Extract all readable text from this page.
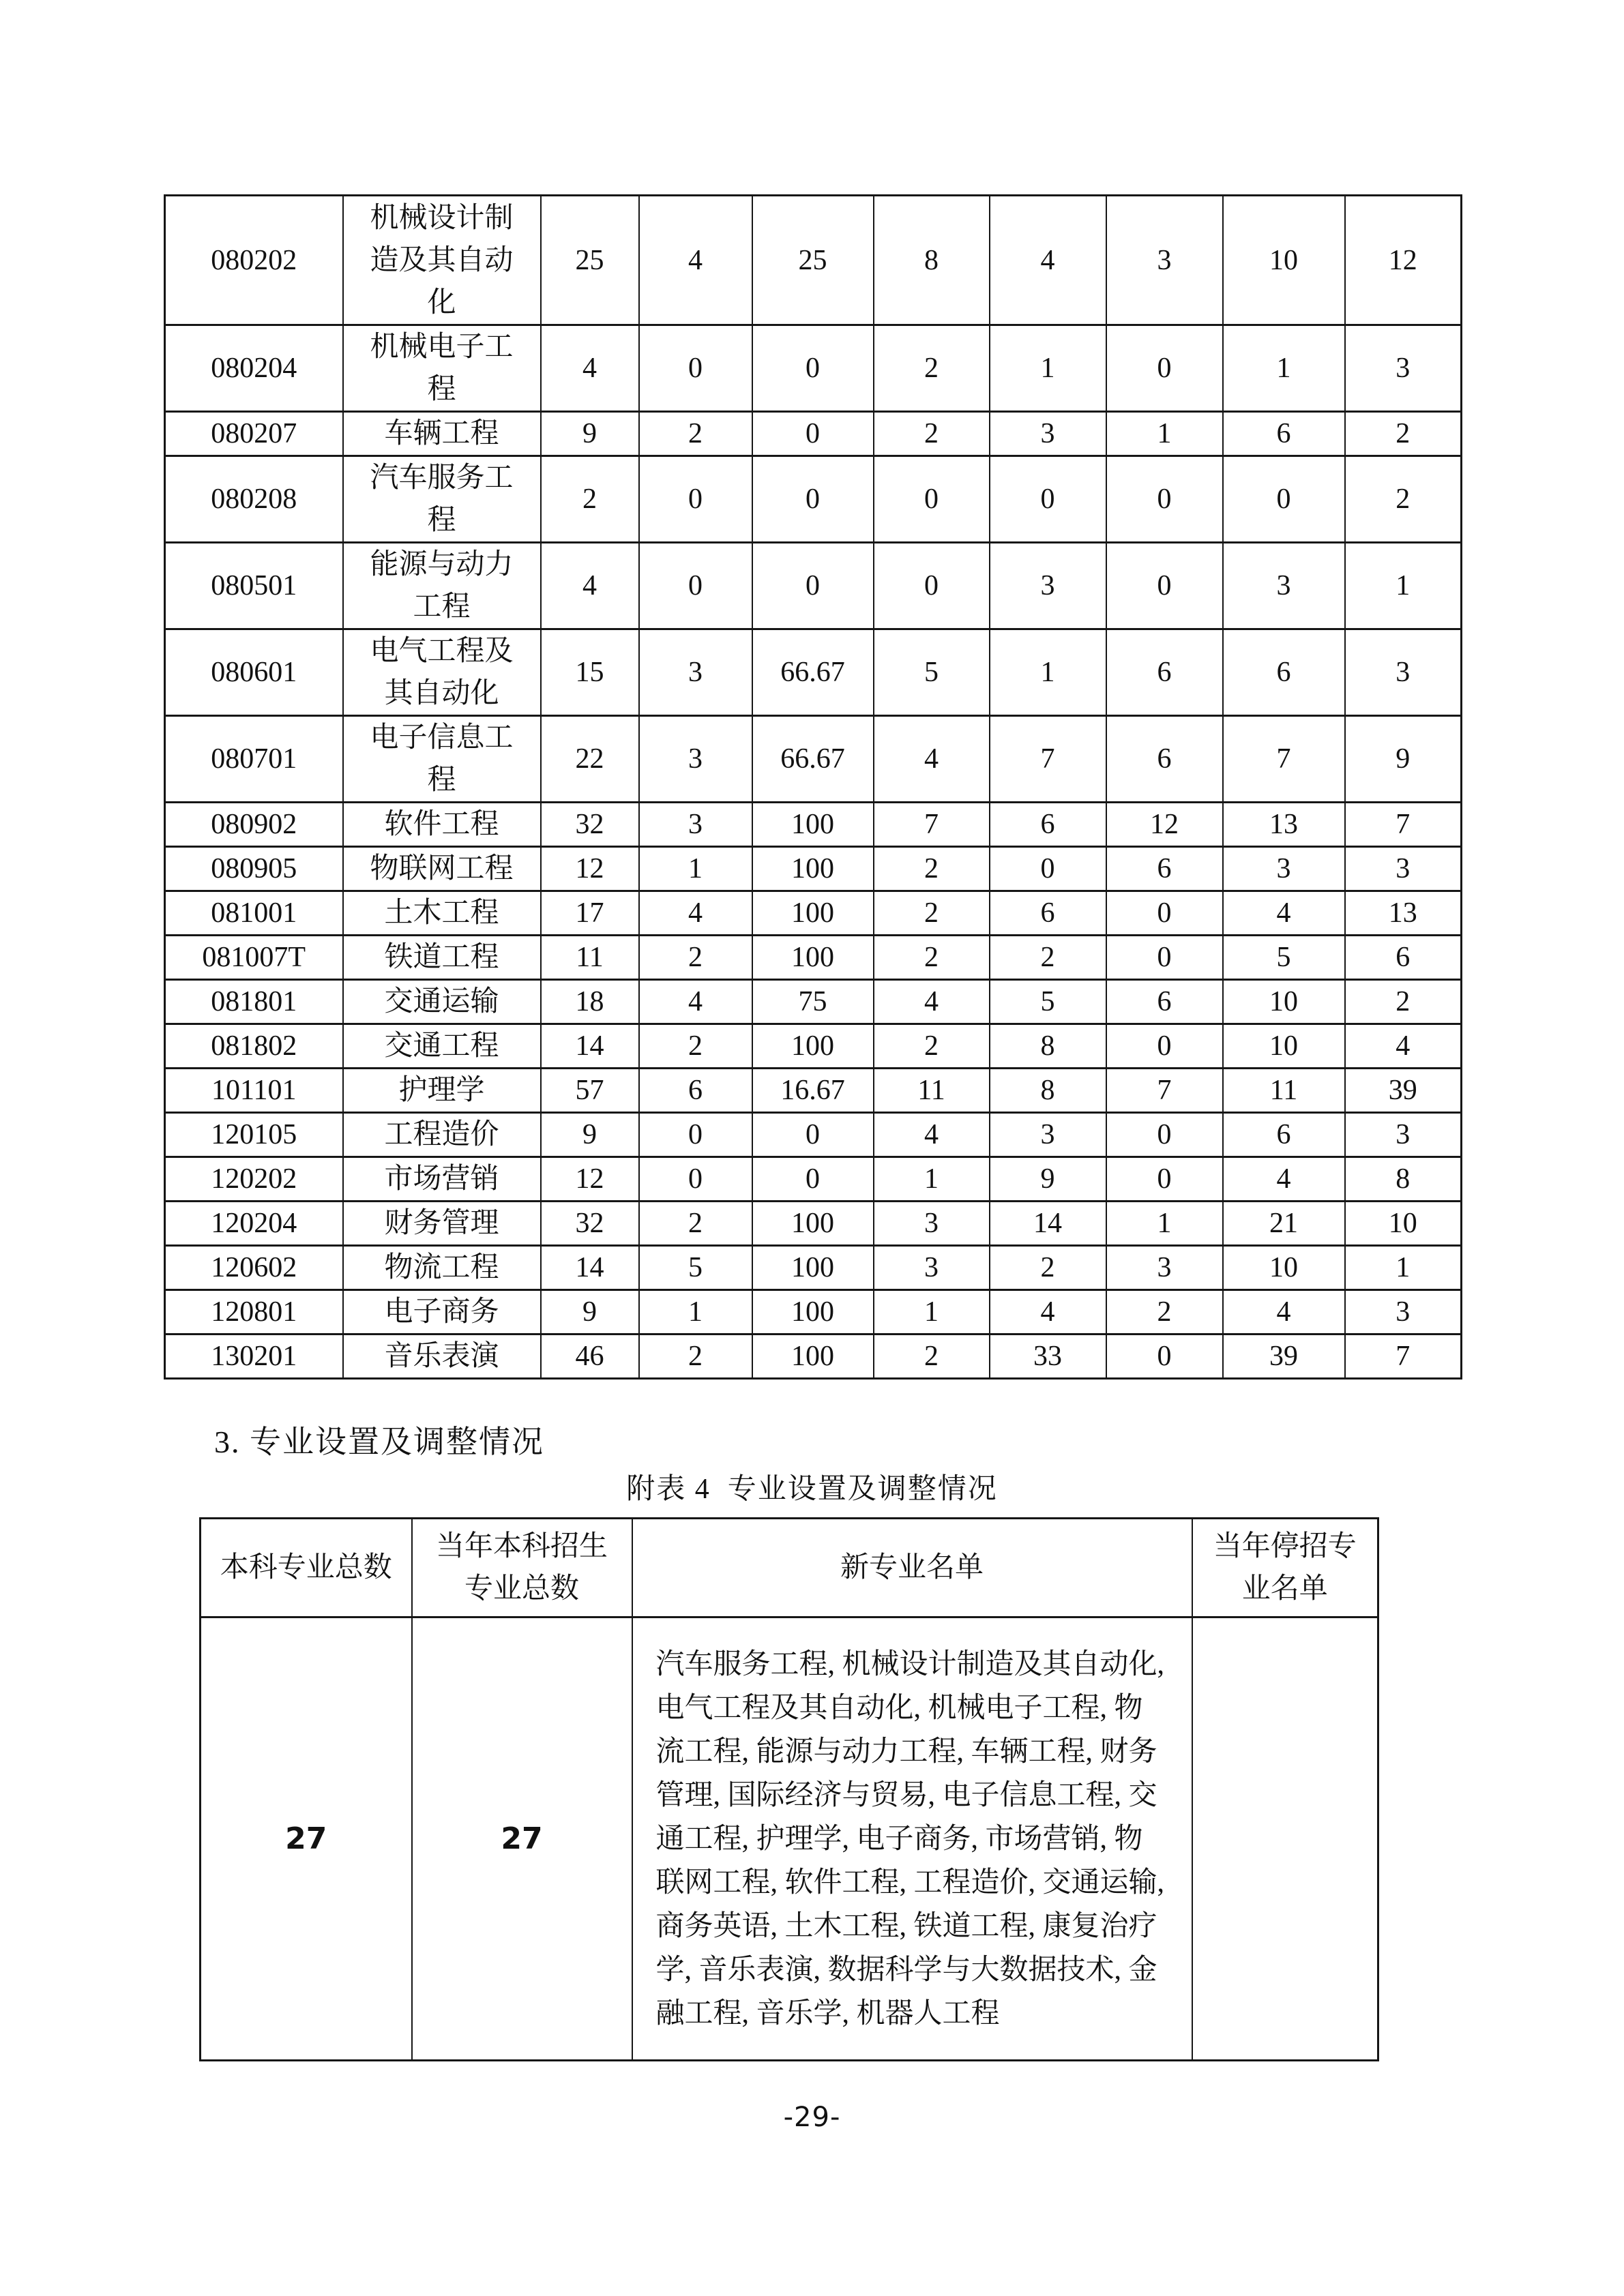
080202	机械设计制造及其自动化	25	4	25	8	4	3	10	12
080204	机械电子工程	4	0	0	2	1	0	1	3
080207	车辆工程	9	2	0	2	3	1	6	2
080208	汽车服务工程	2	0	0	0	0	0	0	2
080501	能源与动力工程	4	0	0	0	3	0	3	1
080601	电气工程及其自动化	15	3	66.67	5	1	6	6	3
080701	电子信息工程	22	3	66.67	4	7	6	7	9
080902	软件工程	32	3	100	7	6	12	13	7
080905	物联网工程	12	1	100	2	0	6	3	3
081001	土木工程	17	4	100	2	6	0	4	13
081007T	铁道工程	11	2	100	2	2	0	5	6
081801	交通运输	18	4	75	4	5	6	10	2
081802	交通工程	14	2	100	2	8	0	10	4
101101	护理学	57	6	16.67	11	8	7	11	39
120105	工程造价	9	0	0	4	3	0	6	3
120202	市场营销	12	0	0	1	9	0	4	8
120204	财务管理	32	2	100	3	14	1	21	10
120602	物流工程	14	5	100	3	2	3	10	1
120801	电子商务	9	1	100	1	4	2	4	3
130201	音乐表演	46	2	100	2	33	0	39	7
3. 专业设置及调整情况
附表 4  专业设置及调整情况
本科专业总数	当年本科招生专业总数	新专业名单	当年停招专业名单
27	27	汽车服务工程, 机械设计制造及其自动化, 电气工程及其自动化, 机械电子工程, 物流工程, 能源与动力工程, 车辆工程, 财务管理, 国际经济与贸易, 电子信息工程, 交通工程, 护理学, 电子商务, 市场营销, 物联网工程, 软件工程, 工程造价, 交通运输, 商务英语, 土木工程, 铁道工程, 康复治疗学, 音乐表演, 数据科学与大数据技术, 金融工程, 音乐学, 机器人工程	
-29-
